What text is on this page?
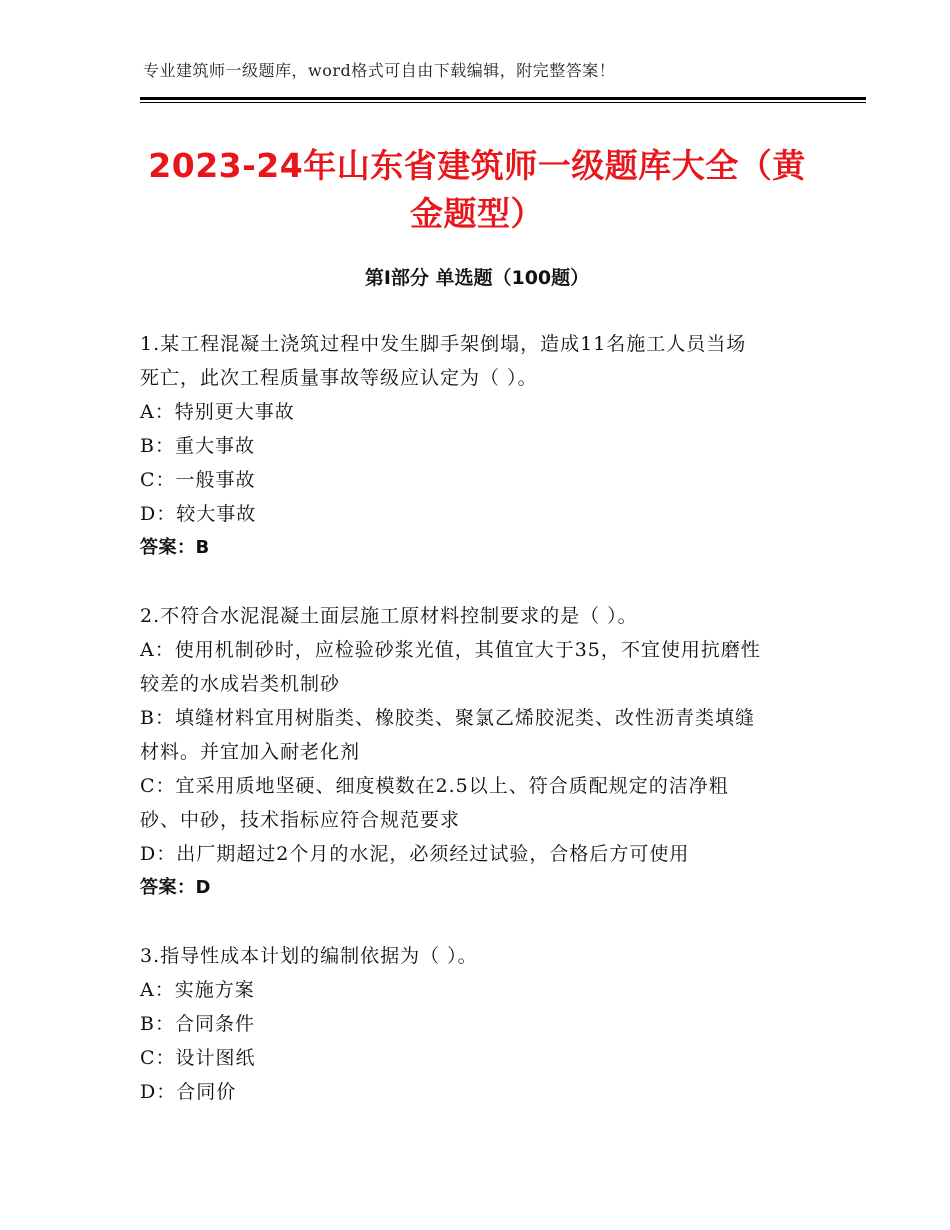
专业建筑师一级题库，word格式可自由下载编辑，附完整答案！
2023-24年山东省建筑师一级题库大全（黄
金题型）
第Ⅰ部分 单选题（100题）
1.某工程混凝土浇筑过程中发生脚手架倒塌，造成11名施工人员当场
死亡，此次工程质量事故等级应认定为（ ）。
A：特别更大事故
B：重大事故
C：一般事故
D：较大事故
答案：B
2.不符合水泥混凝土面层施工原材料控制要求的是（ ）。
A：使用机制砂时，应检验砂浆光值，其值宜大于35，不宜使用抗磨性
较差的水成岩类机制砂
B：填缝材料宜用树脂类、橡胶类、聚氯乙烯胶泥类、改性沥青类填缝
材料。并宜加入耐老化剂
C：宜采用质地坚硬、细度模数在2.5以上、符合质配规定的洁净粗
砂、中砂，技术指标应符合规范要求
D：出厂期超过2个月的水泥，必须经过试验，合格后方可使用
答案：D
3.指导性成本计划的编制依据为（ ）。
A：实施方案
B：合同条件
C：设计图纸
D：合同价
